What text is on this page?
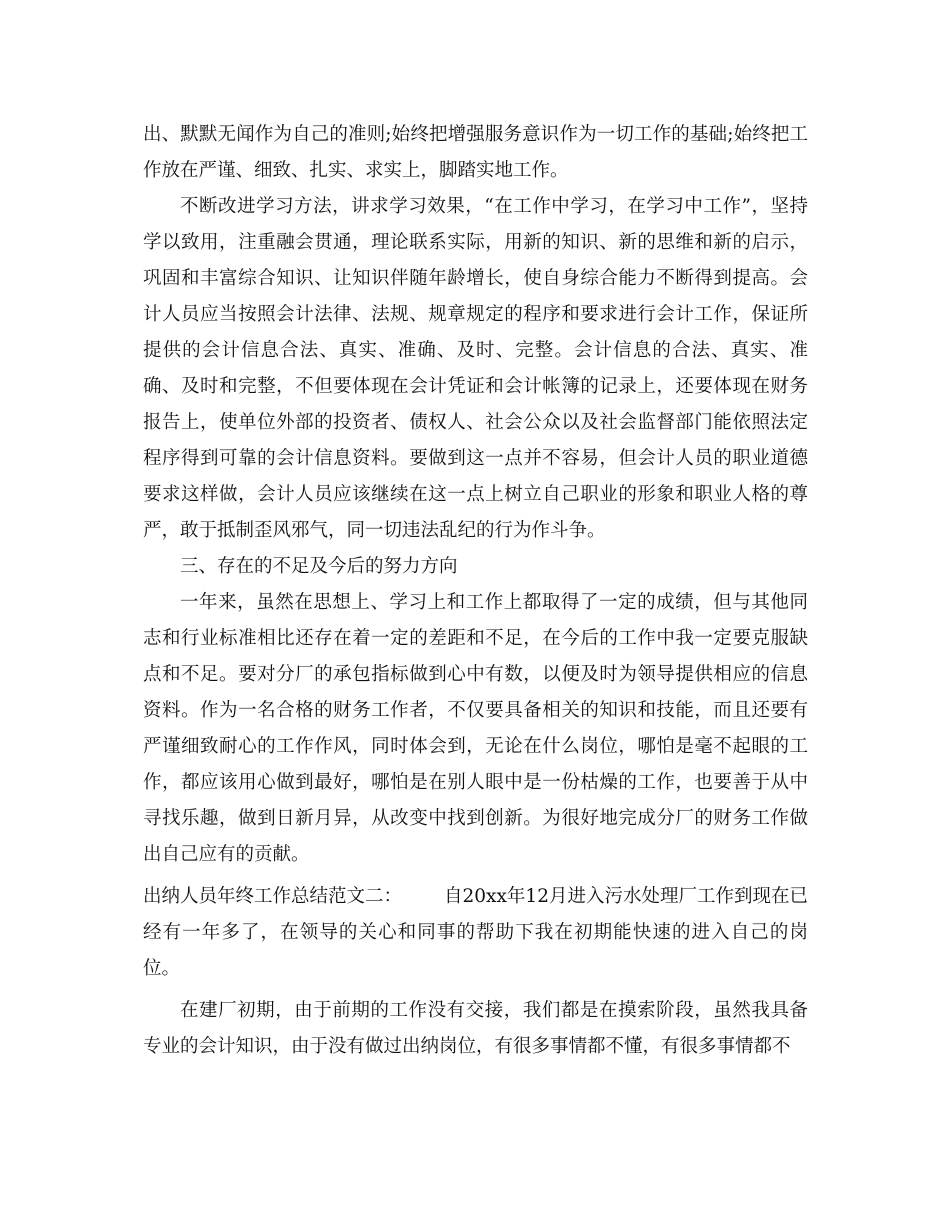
出、默默无闻作为自己的准则;始终把增强服务意识作为一切工作的基础;始终把工作放在严谨、细致、扎实、求实上，脚踏实地工作。

不断改进学习方法，讲求学习效果，“在工作中学习，在学习中工作”，坚持学以致用，注重融会贯通，理论联系实际，用新的知识、新的思维和新的启示，巩固和丰富综合知识、让知识伴随年龄增长，使自身综合能力不断得到提高。会计人员应当按照会计法律、法规、规章规定的程序和要求进行会计工作，保证所提供的会计信息合法、真实、准确、及时、完整。会计信息的合法、真实、准确、及时和完整，不但要体现在会计凭证和会计帐簿的记录上，还要体现在财务报告上，使单位外部的投资者、债权人、社会公众以及社会监督部门能依照法定程序得到可靠的会计信息资料。要做到这一点并不容易，但会计人员的职业道德要求这样做，会计人员应该继续在这一点上树立自己职业的形象和职业人格的尊严，敢于抵制歪风邪气，同一切违法乱纪的行为作斗争。

三、存在的不足及今后的努力方向

一年来，虽然在思想上、学习上和工作上都取得了一定的成绩，但与其他同志和行业标准相比还存在着一定的差距和不足，在今后的工作中我一定要克服缺点和不足。要对分厂的承包指标做到心中有数，以便及时为领导提供相应的信息资料。作为一名合格的财务工作者，不仅要具备相关的知识和技能，而且还要有严谨细致耐心的工作作风，同时体会到，无论在什么岗位，哪怕是毫不起眼的工作，都应该用心做到最好，哪怕是在别人眼中是一份枯燥的工作，也要善于从中寻找乐趣，做到日新月异，从改变中找到创新。为很好地完成分厂的财务工作做出自己应有的贡献。

出纳人员年终工作总结范文二： 自20xx年12月进入污水处理厂工作到现在已经有一年多了，在领导的关心和同事的帮助下我在初期能快速的进入自己的岗位。

在建厂初期，由于前期的工作没有交接，我们都是在摸索阶段，虽然我具备专业的会计知识，由于没有做过出纳岗位，有很多事情都不懂，有很多事情都不
